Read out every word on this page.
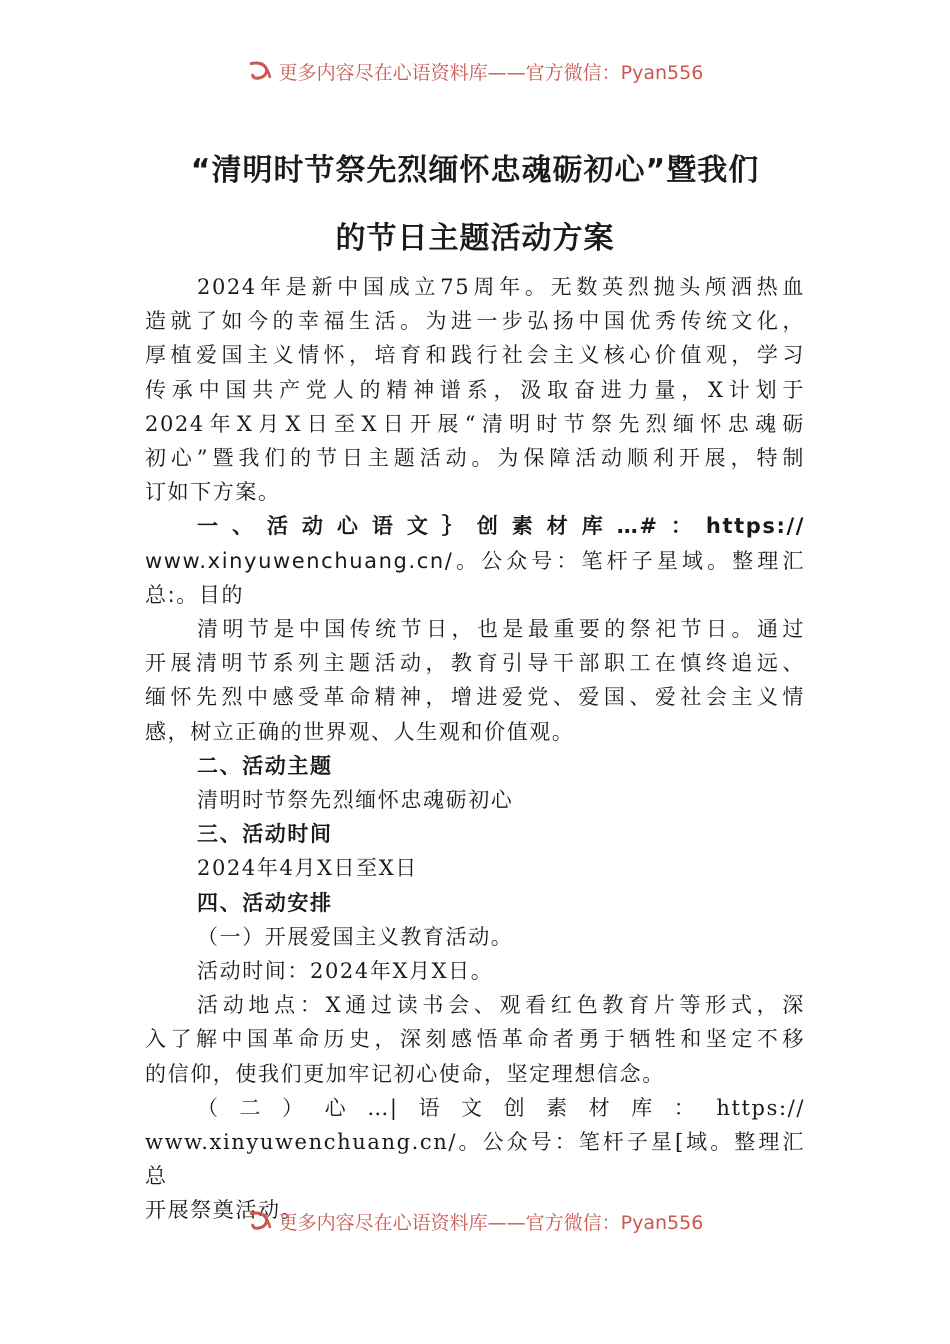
更多内容尽在心语资料库——官方微信：Pyan556
“清明时节祭先烈缅怀忠魂砺初心”暨我们
的节日主题活动方案

2024年是新中国成立75周年。无数英烈抛头颅洒热血

造就了如今的幸福生活。为进一步弘扬中国优秀传统文化，

厚植爱国主义情怀，培育和践行社会主义核心价值观，学习

传承中国共产党人的精神谱系，汲取奋进力量，X计划于

2024年X月X日至X日开展“清明时节祭先烈缅怀忠魂砺

初心”暨我们的节日主题活动。为保障活动顺利开展，特制

订如下方案。

一、活动心语文｝创素材库…#：https://

www.xinyuwenchuang.cn/。公众号：笔杆子星域。整理汇

总:。目的

清明节是中国传统节日，也是最重要的祭祀节日。通过

开展清明节系列主题活动，教育引导干部职工在慎终追远、

缅怀先烈中感受革命精神，增进爱党、爱国、爱社会主义情

感，树立正确的世界观、人生观和价值观。

二、活动主题

清明时节祭先烈缅怀忠魂砺初心

三、活动时间

2024年4月X日至X日

四、活动安排

（一）开展爱国主义教育活动。

活动时间：2024年X月X日。

活动地点：X通过读书会、观看红色教育片等形式，深

入了解中国革命历史，深刻感悟革命者勇于牺牲和坚定不移

的信仰，使我们更加牢记初心使命，坚定理想信念。

（二）心…|语文创素材库：https://

www.xinyuwenchuang.cn/。公众号：笔杆子星[域。整理汇总

开展祭奠活动。

更多内容尽在心语资料库——官方微信：Pyan556
